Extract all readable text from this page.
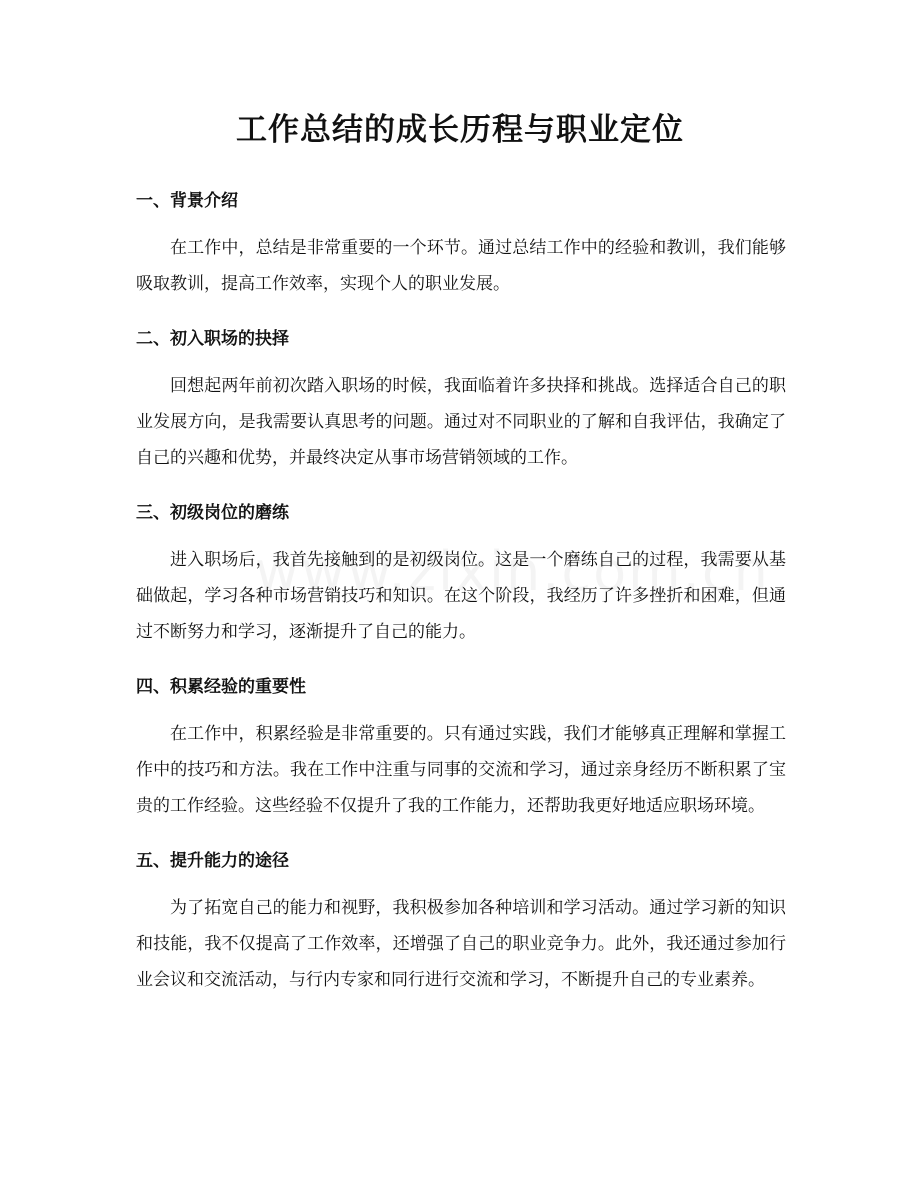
工作总结的成长历程与职业定位
一、背景介绍

在工作中，总结是非常重要的一个环节。通过总结工作中的经验和教训，我们能够吸取教训，提高工作效率，实现个人的职业发展。

二、初入职场的抉择

回想起两年前初次踏入职场的时候，我面临着许多抉择和挑战。选择适合自己的职业发展方向，是我需要认真思考的问题。通过对不同职业的了解和自我评估，我确定了自己的兴趣和优势，并最终决定从事市场营销领域的工作。

三、初级岗位的磨练

进入职场后，我首先接触到的是初级岗位。这是一个磨练自己的过程，我需要从基础做起，学习各种市场营销技巧和知识。在这个阶段，我经历了许多挫折和困难，但通过不断努力和学习，逐渐提升了自己的能力。

四、积累经验的重要性

在工作中，积累经验是非常重要的。只有通过实践，我们才能够真正理解和掌握工作中的技巧和方法。我在工作中注重与同事的交流和学习，通过亲身经历不断积累了宝贵的工作经验。这些经验不仅提升了我的工作能力，还帮助我更好地适应职场环境。

五、提升能力的途径

为了拓宽自己的能力和视野，我积极参加各种培训和学习活动。通过学习新的知识和技能，我不仅提高了工作效率，还增强了自己的职业竞争力。此外，我还通过参加行业会议和交流活动，与行内专家和同行进行交流和学习，不断提升自己的专业素养。
